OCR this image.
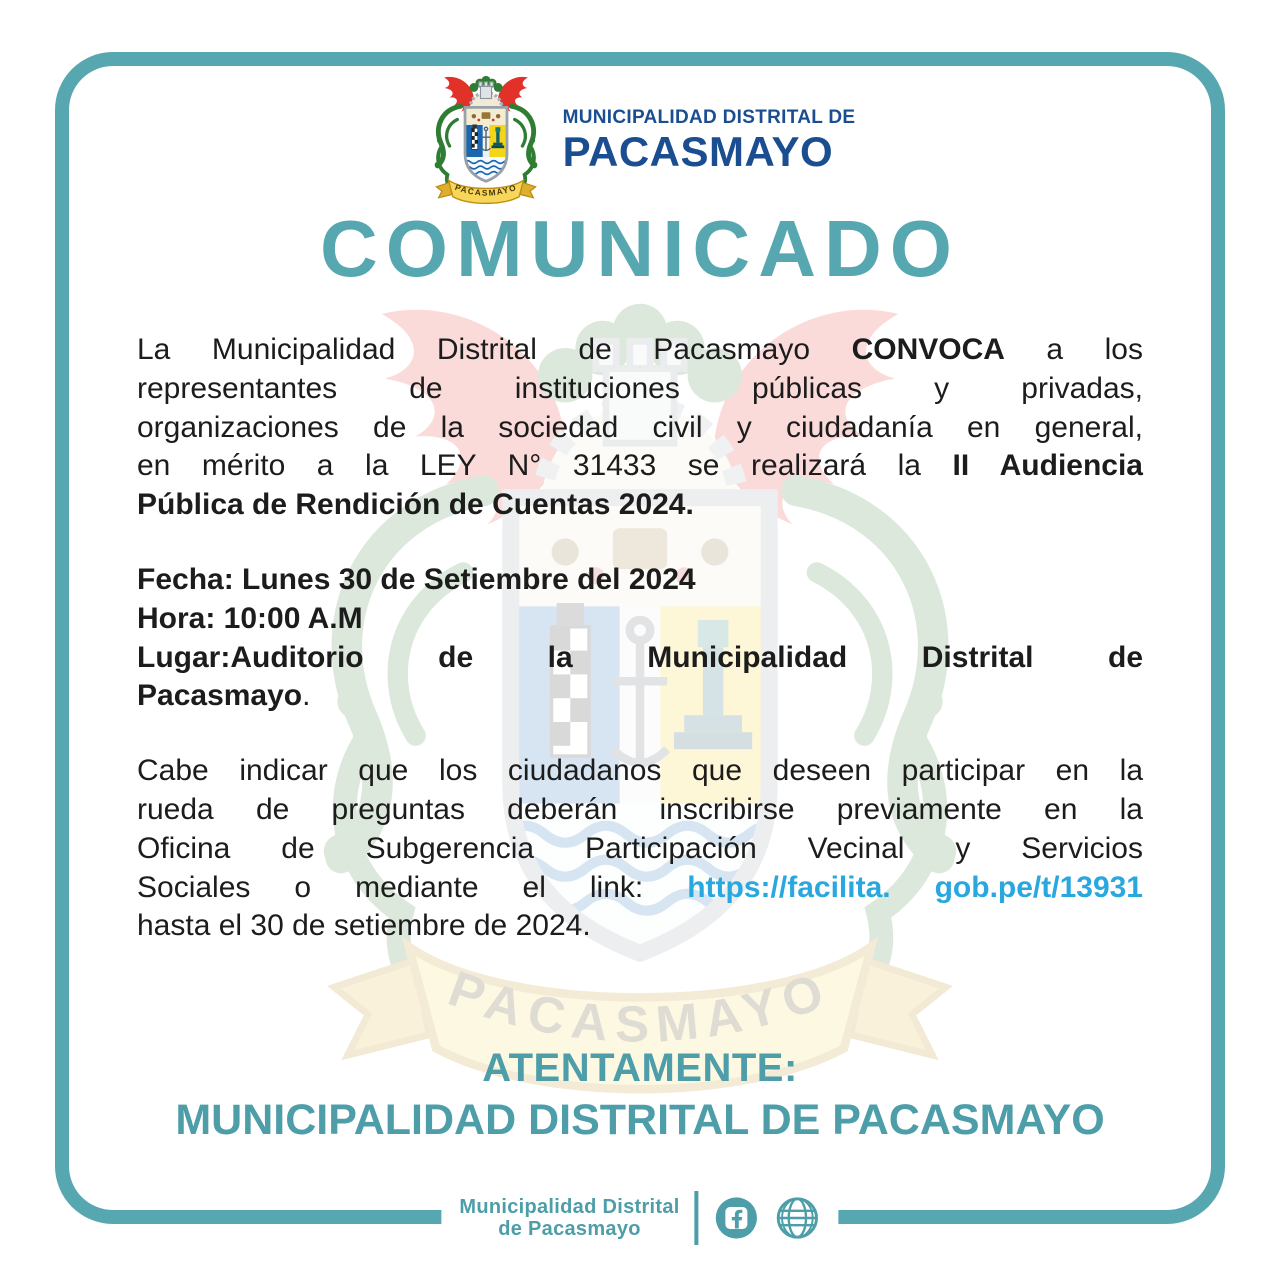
MUNICIPALIDAD DISTRITAL DE
PACASMAYO
COMUNICADO
La Municipalidad Distrital de Pacasmayo CONVOCA a los
representantes de instituciones públicas y privadas,
organizaciones de la sociedad civil y ciudadanía en general,
en mérito a la LEY N° 31433 se realizará la II Audiencia
Pública de Rendición de Cuentas 2024.
Fecha: Lunes 30 de Setiembre del 2024
Hora: 10:00 A.M
Lugar:Auditorio de la Municipalidad Distrital de
Pacasmayo.
Cabe indicar que los ciudadanos que deseen participar en la
rueda de preguntas deberán inscribirse previamente en la
Oficina de Subgerencia Participación Vecinal y Servicios
Sociales o mediante el link: https://facilita. gob.pe/t/13931
hasta el 30 de setiembre de 2024.
ATENTAMENTE:
MUNICIPALIDAD DISTRITAL DE PACASMAYO
Municipalidad Distrital
de Pacasmayo
